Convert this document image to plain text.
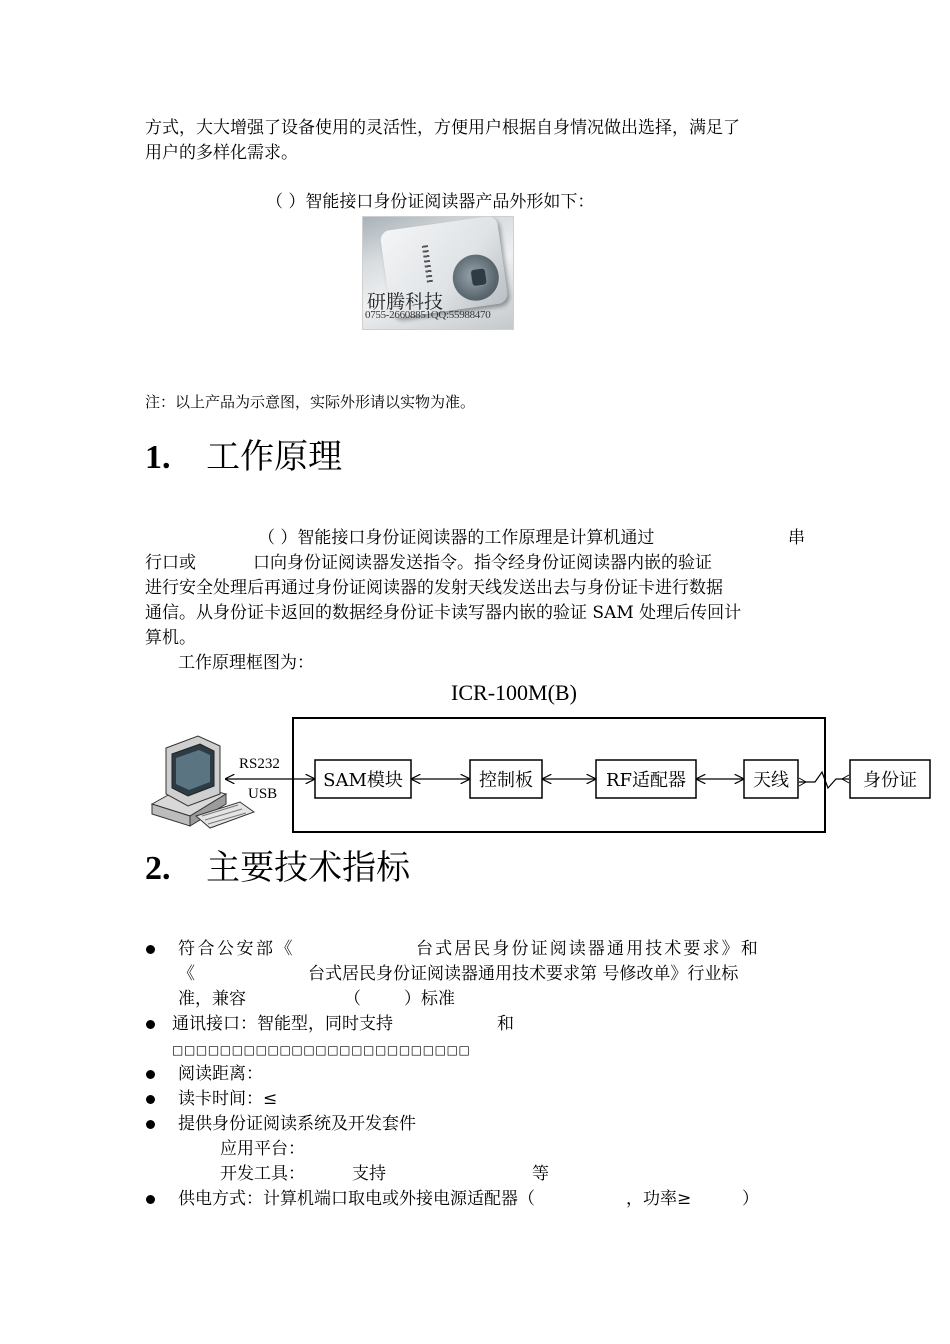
方式，大大增强了设备使用的灵活性，方便用户根据自身情况做出选择，满足了
用户的多样化需求。
（ ）智能接口身份证阅读器产品外形如下：
研腾科技
0755-26608851QQ:55988470
注：以上产品为示意图，实际外形请以实物为准。
1. 工作原理
（ ）智能接口身份证阅读器的工作原理是计算机通过	串
行口或	口向身份证阅读器发送指令。指令经身份证阅读器内嵌的验证
进行安全处理后再通过身份证阅读器的发射天线发送出去与身份证卡进行数据
通信。从身份证卡返回的数据经身份证卡读写器内嵌的验证 SAM 处理后传回计
算机。
工作原理框图为：
ICR-100M(B)
RS232
USB
SAM模块	控制板	RF适配器	天线	身份证
2. 主要技术指标
符合公安部《	台式居民身份证阅读器通用技术要求》和
《	台式居民身份证阅读器通用技术要求第 号修改单》行业标
准，兼容	（	）标准
通讯接口：智能型，同时支持	和
□□□□□□□□□□□□□□□□□□□□□□□□□
阅读距离：
读卡时间：≤
提供身份证阅读系统及开发套件
应用平台：
开发工具：	支持	等
供电方式：计算机端口取电或外接电源适配器（	，功率≥	）
